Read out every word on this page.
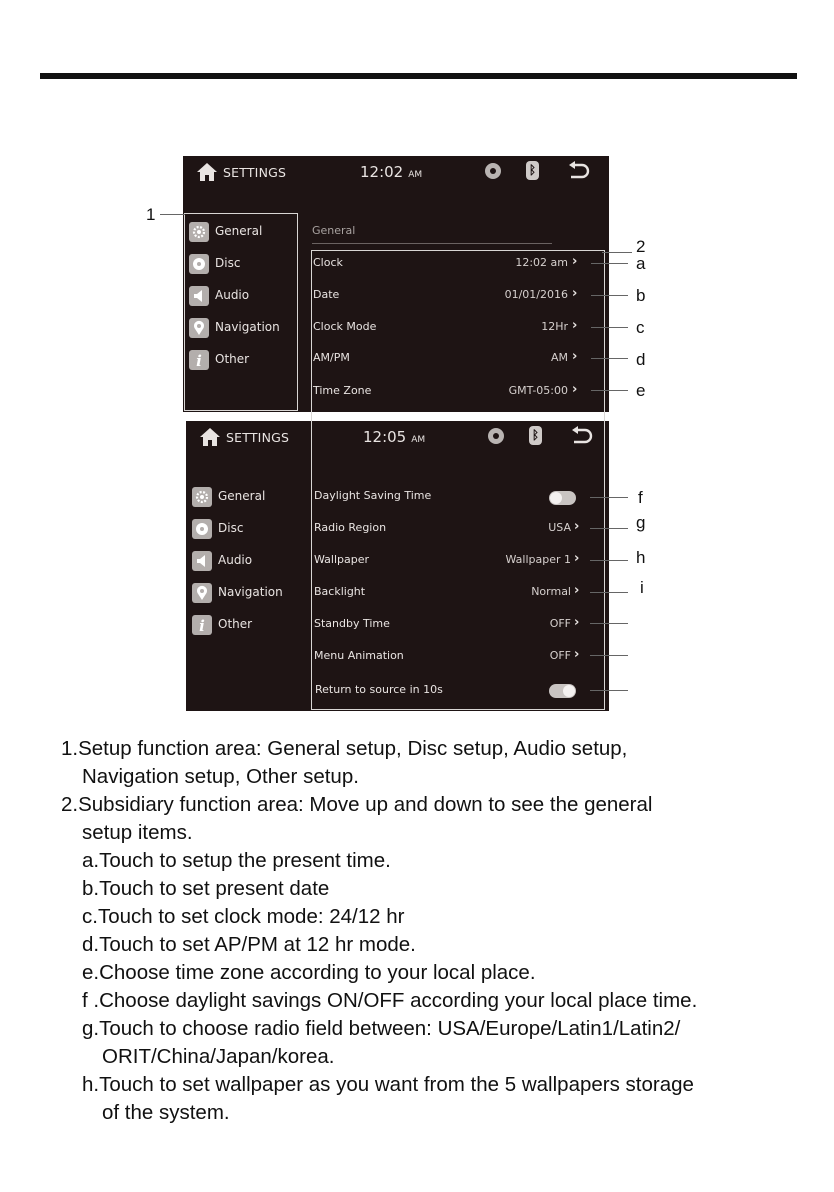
SETTINGS	12:02 AM	ᛒ
General
Disc
Audio
Navigation
i Other
General
Clock	12:02 am ›
Date	01/01/2016 ›
Clock Mode	12Hr ›
AM/PM	AM ›
Time Zone	GMT-05:00 ›
SETTINGS	12:05 AM	ᛒ
General
Disc
Audio
Navigation
i Other
Daylight Saving Time
Radio Region	USA ›
Wallpaper	Wallpaper 1 ›
Backlight	Normal ›
Standby Time	OFF ›
Menu Animation	OFF ›
Return to source in 10s
1
2
a
b
c
d
e
f
g
h
i
1.Setup function area: General setup, Disc setup, Audio setup,
Navigation setup, Other setup.
2.Subsidiary function area: Move up and down to see the general
setup items.
a.Touch to setup the present time.
b.Touch to set present date
c.Touch to set clock mode: 24/12 hr
d.Touch to set AP/PM at 12 hr mode.
e.Choose time zone according to your local place.
f .Choose daylight savings ON/OFF according your local place time.
g.Touch to choose radio field between: USA/Europe/Latin1/Latin2/
ORIT/China/Japan/korea.
h.Touch to set wallpaper as you want from the 5 wallpapers storage
of the system.
